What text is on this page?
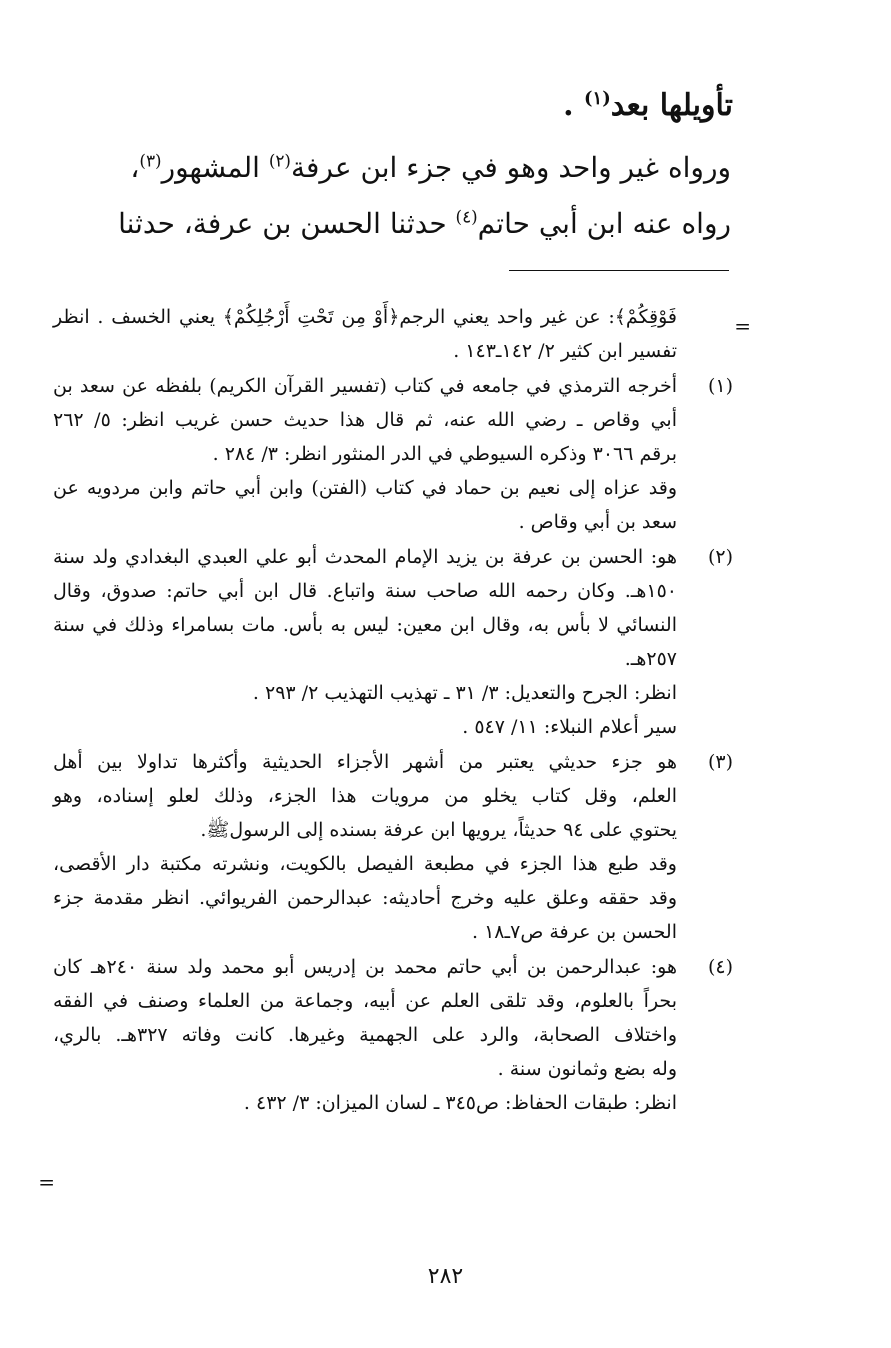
تأويلها بعد$^{(١)}$ .
ورواه غير واحد وهو في جزء ابن عرفة$^{(٢)}$ المشهور$^{(٣)}$،
رواه عنه ابن أبي حاتم$^{(٤)}$ حدثنا الحسن بن عرفة، حدثنا
=
فَوْقِكُمْ﴾: عن غير واحد يعني الرجم﴿أَوْ مِن تَحْتِ أَرْجُلِكُمْ﴾ يعني الخسف . انظر
تفسير ابن كثير ٢/ ١٤٢ـ١٤٣ .
(١)
أخرجه الترمذي في جامعه في كتاب (تفسير القرآن الكريم) بلفظه عن سعد بن
أبي وقاص ـ رضي الله عنه، ثم قال هذا حديث حسن غريب انظر: ٥/ ٢٦٢
برقم ٣٠٦٦ وذكره السيوطي في الدر المنثور انظر: ٣/ ٢٨٤ .
وقد عزاه إلى نعيم بن حماد في كتاب (الفتن) وابن أبي حاتم وابن مردويه عن
سعد بن أبي وقاص .
(٢)
هو: الحسن بن عرفة بن يزيد الإمام المحدث أبو علي العبدي البغدادي ولد سنة
١٥٠هـ. وكان رحمه الله صاحب سنة واتباع. قال ابن أبي حاتم: صدوق، وقال
النسائي لا بأس به، وقال ابن معين: ليس به بأس. مات بسامراء وذلك في سنة
٢٥٧هـ.
انظر: الجرح والتعديل: ٣/ ٣١ ـ تهذيب التهذيب ٢/ ٢٩٣ .
سير أعلام النبلاء: ١١/ ٥٤٧ .
(٣)
هو جزء حديثي يعتبر من أشهر الأجزاء الحديثية وأكثرها تداولا بين أهل
العلم، وقل كتاب يخلو من مرويات هذا الجزء، وذلك لعلو إسناده، وهو
يحتوي على ٩٤ حديثاً، يرويها ابن عرفة بسنده إلى الرسولﷺ.
وقد طبع هذا الجزء في مطبعة الفيصل بالكويت، ونشرته مكتبة دار الأقصى،
وقد حققه وعلق عليه وخرج أحاديثه: عبدالرحمن الفريوائي. انظر مقدمة جزء
الحسن بن عرفة ص٧ـ١٨ .
(٤)
هو: عبدالرحمن بن أبي حاتم محمد بن إدريس أبو محمد ولد سنة ٢٤٠هـ كان
بحراً بالعلوم، وقد تلقى العلم عن أبيه، وجماعة من العلماء وصنف في الفقه
واختلاف الصحابة، والرد على الجهمية وغيرها. كانت وفاته ٣٢٧هـ. بالري،
وله بضع وثمانون سنة .
انظر: طبقات الحفاظ: ص٣٤٥ ـ لسان الميزان: ٣/ ٤٣٢ .
=
٢٨٢
